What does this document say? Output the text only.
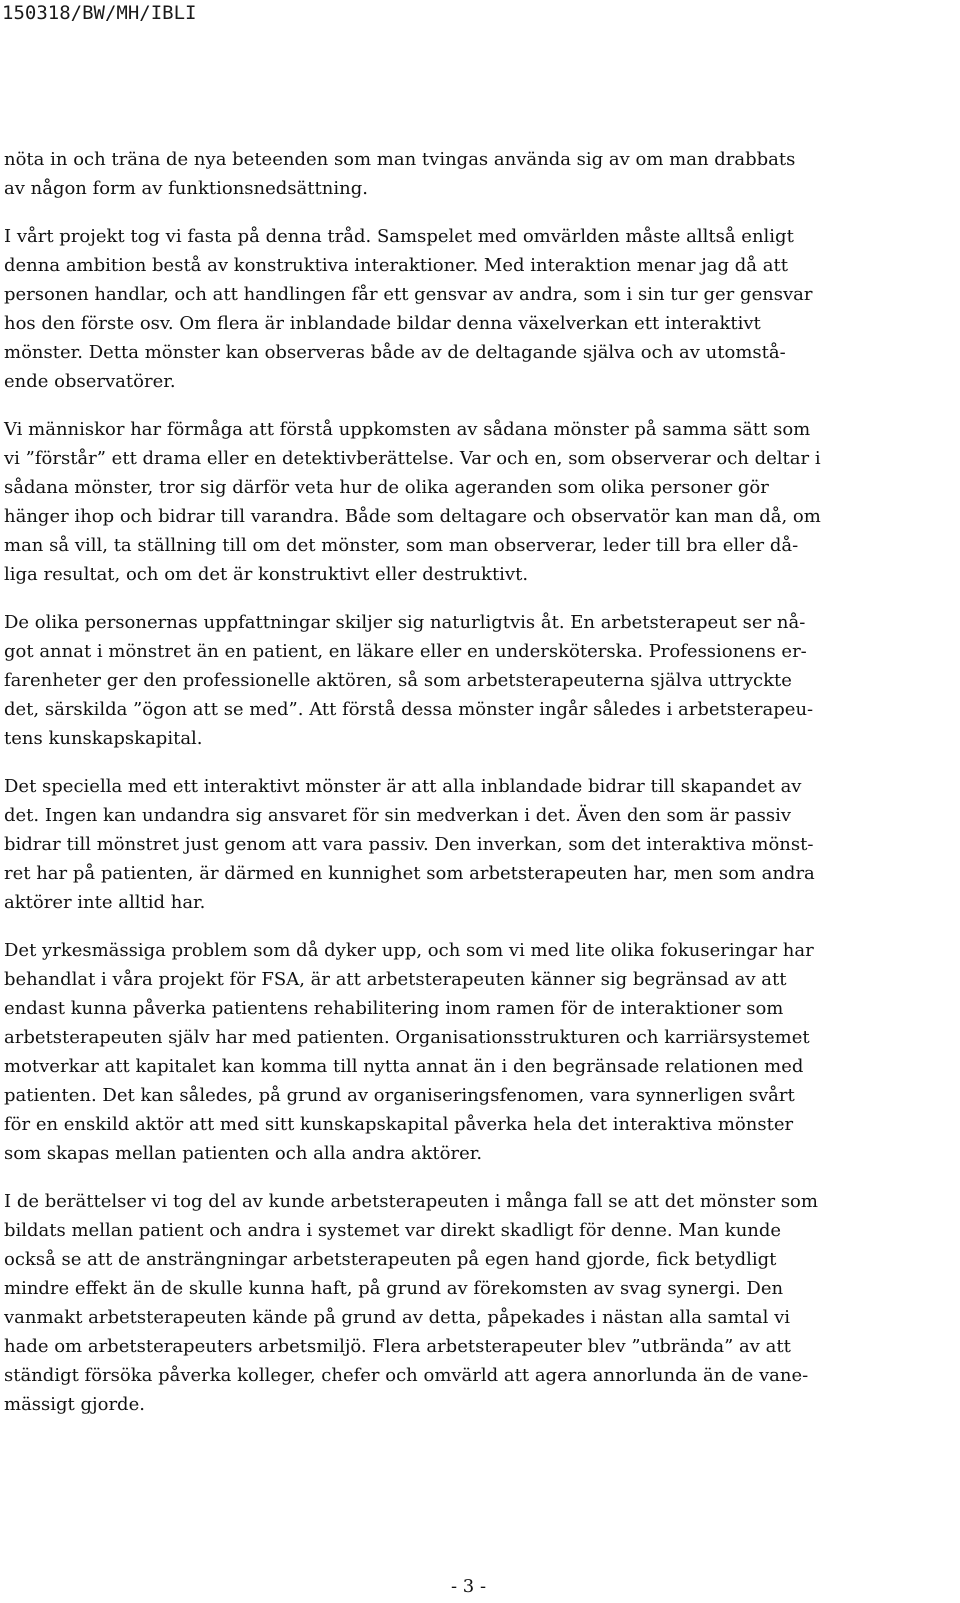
150318/BW/MH/IBLI
nöta in och träna de nya beteenden som man tvingas använda sig av om man drabbats
av någon form av funktionsnedsättning.
I vårt projekt tog vi fasta på denna tråd. Samspelet med omvärlden måste alltså enligt
denna ambition bestå av konstruktiva interaktioner. Med interaktion menar jag då att
personen handlar, och att handlingen får ett gensvar av andra, som i sin tur ger gensvar
hos den förste osv. Om flera är inblandade bildar denna växelverkan ett interaktivt
mönster. Detta mönster kan observeras både av de deltagande själva och av utomstå-
ende observatörer.
Vi människor har förmåga att förstå uppkomsten av sådana mönster på samma sätt som
vi ”förstår” ett drama eller en detektivberättelse. Var och en, som observerar och deltar i
sådana mönster, tror sig därför veta hur de olika ageranden som olika personer gör
hänger ihop och bidrar till varandra. Både som deltagare och observatör kan man då, om
man så vill, ta ställning till om det mönster, som man observerar, leder till bra eller då-
liga resultat, och om det är konstruktivt eller destruktivt.
De olika personernas uppfattningar skiljer sig naturligtvis åt. En arbetsterapeut ser nå-
got annat i mönstret än en patient, en läkare eller en undersköterska. Professionens er-
farenheter ger den professionelle aktören, så som arbetsterapeuterna själva uttryckte
det, särskilda ”ögon att se med”. Att förstå dessa mönster ingår således i arbetsterapeu-
tens kunskapskapital.
Det speciella med ett interaktivt mönster är att alla inblandade bidrar till skapandet av
det. Ingen kan undandra sig ansvaret för sin medverkan i det. Även den som är passiv
bidrar till mönstret just genom att vara passiv. Den inverkan, som det interaktiva mönst-
ret har på patienten, är därmed en kunnighet som arbetsterapeuten har, men som andra
aktörer inte alltid har.
Det yrkesmässiga problem som då dyker upp, och som vi med lite olika fokuseringar har
behandlat i våra projekt för FSA, är att arbetsterapeuten känner sig begränsad av att
endast kunna påverka patientens rehabilitering inom ramen för de interaktioner som
arbetsterapeuten själv har med patienten. Organisationsstrukturen och karriärsystemet
motverkar att kapitalet kan komma till nytta annat än i den begränsade relationen med
patienten. Det kan således, på grund av organiseringsfenomen, vara synnerligen svårt
för en enskild aktör att med sitt kunskapskapital påverka hela det interaktiva mönster
som skapas mellan patienten och alla andra aktörer.
I de berättelser vi tog del av kunde arbetsterapeuten i många fall se att det mönster som
bildats mellan patient och andra i systemet var direkt skadligt för denne. Man kunde
också se att de ansträngningar arbetsterapeuten på egen hand gjorde, fick betydligt
mindre effekt än de skulle kunna haft, på grund av förekomsten av svag synergi. Den
vanmakt arbetsterapeuten kände på grund av detta, påpekades i nästan alla samtal vi
hade om arbetsterapeuters arbetsmiljö. Flera arbetsterapeuter blev ”utbrända” av att
ständigt försöka påverka kolleger, chefer och omvärld att agera annorlunda än de vane-
mässigt gjorde.
- 3 -
